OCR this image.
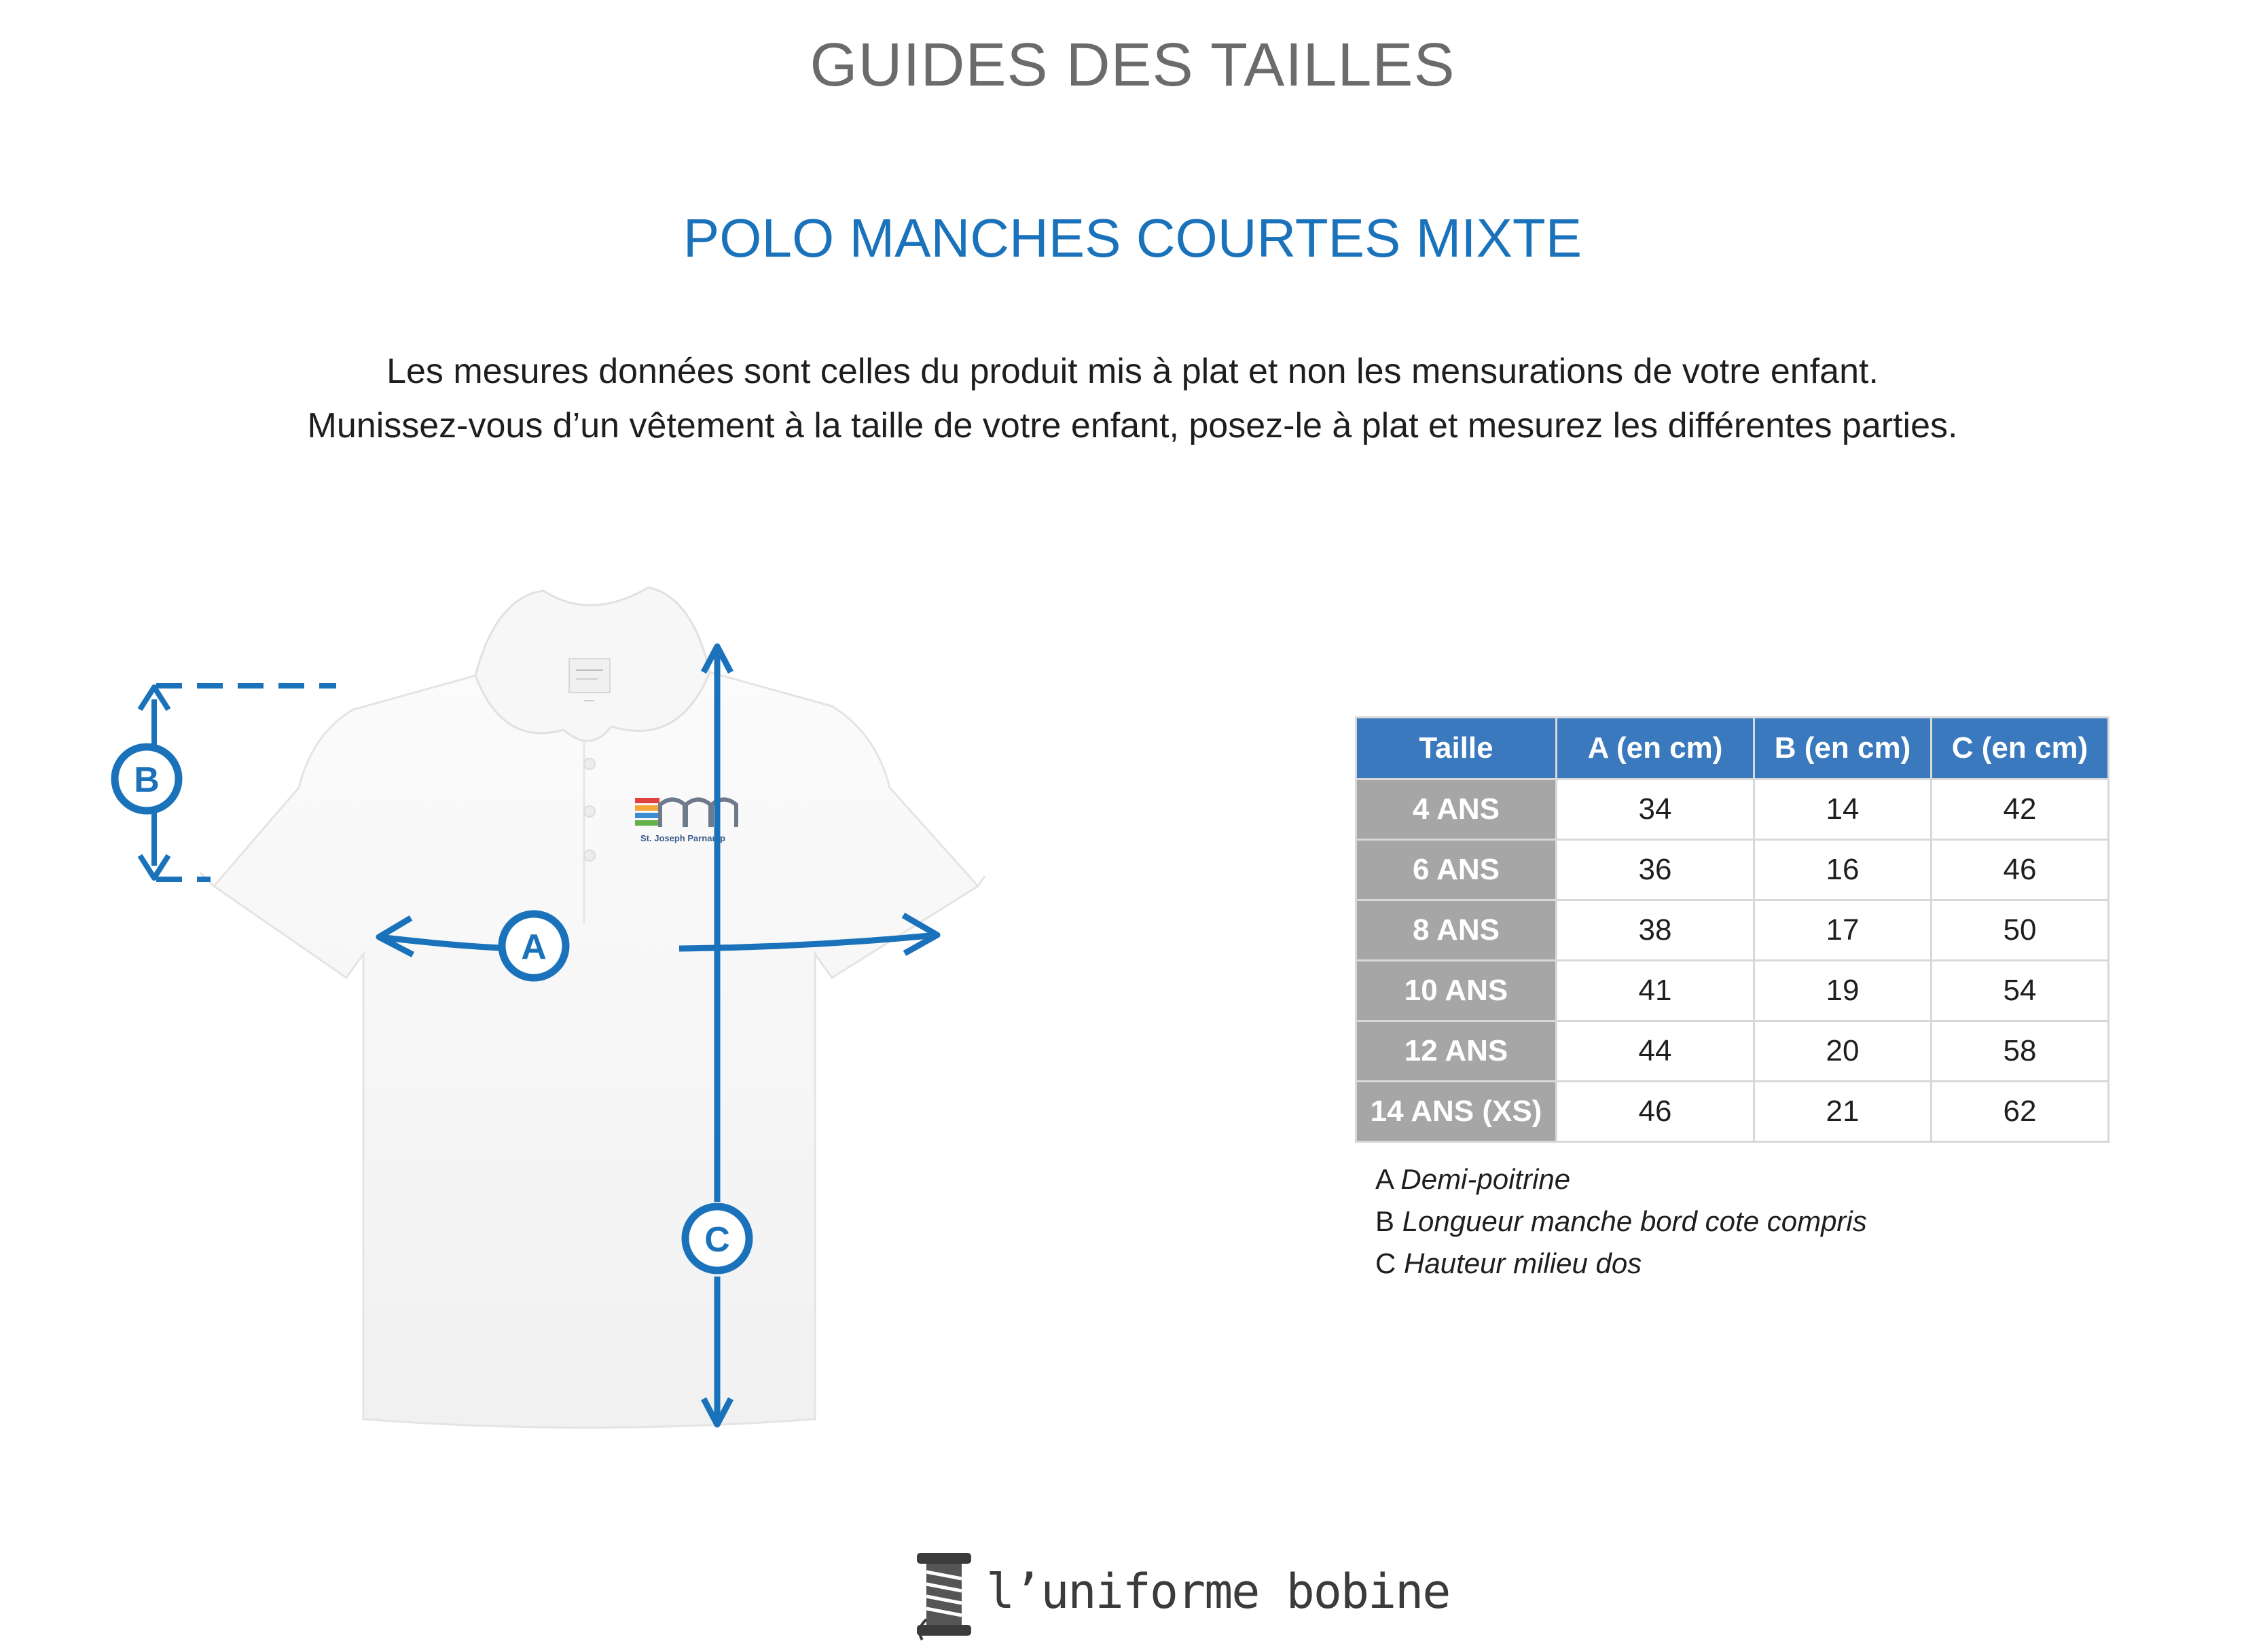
GUIDES DES TAILLES
POLO MANCHES COURTES MIXTE
Les mesures données sont celles du produit mis à plat et non les mensurations de votre enfant.
Munissez-vous d’un vêtement à la taille de votre enfant, posez-le à plat et mesurez les différentes parties.
St. Joseph Parnamp
B
A
C
Taille	A (en cm)	B (en cm)	C (en cm)
4 ANS	34	14	42
6 ANS	36	16	46
8 ANS	38	17	50
10 ANS	41	19	54
12 ANS	44	20	58
14 ANS (XS)	46	21	62
A Demi-poitrine
B Longueur manche bord cote compris
C Hauteur milieu dos
l’uniforme bobine
